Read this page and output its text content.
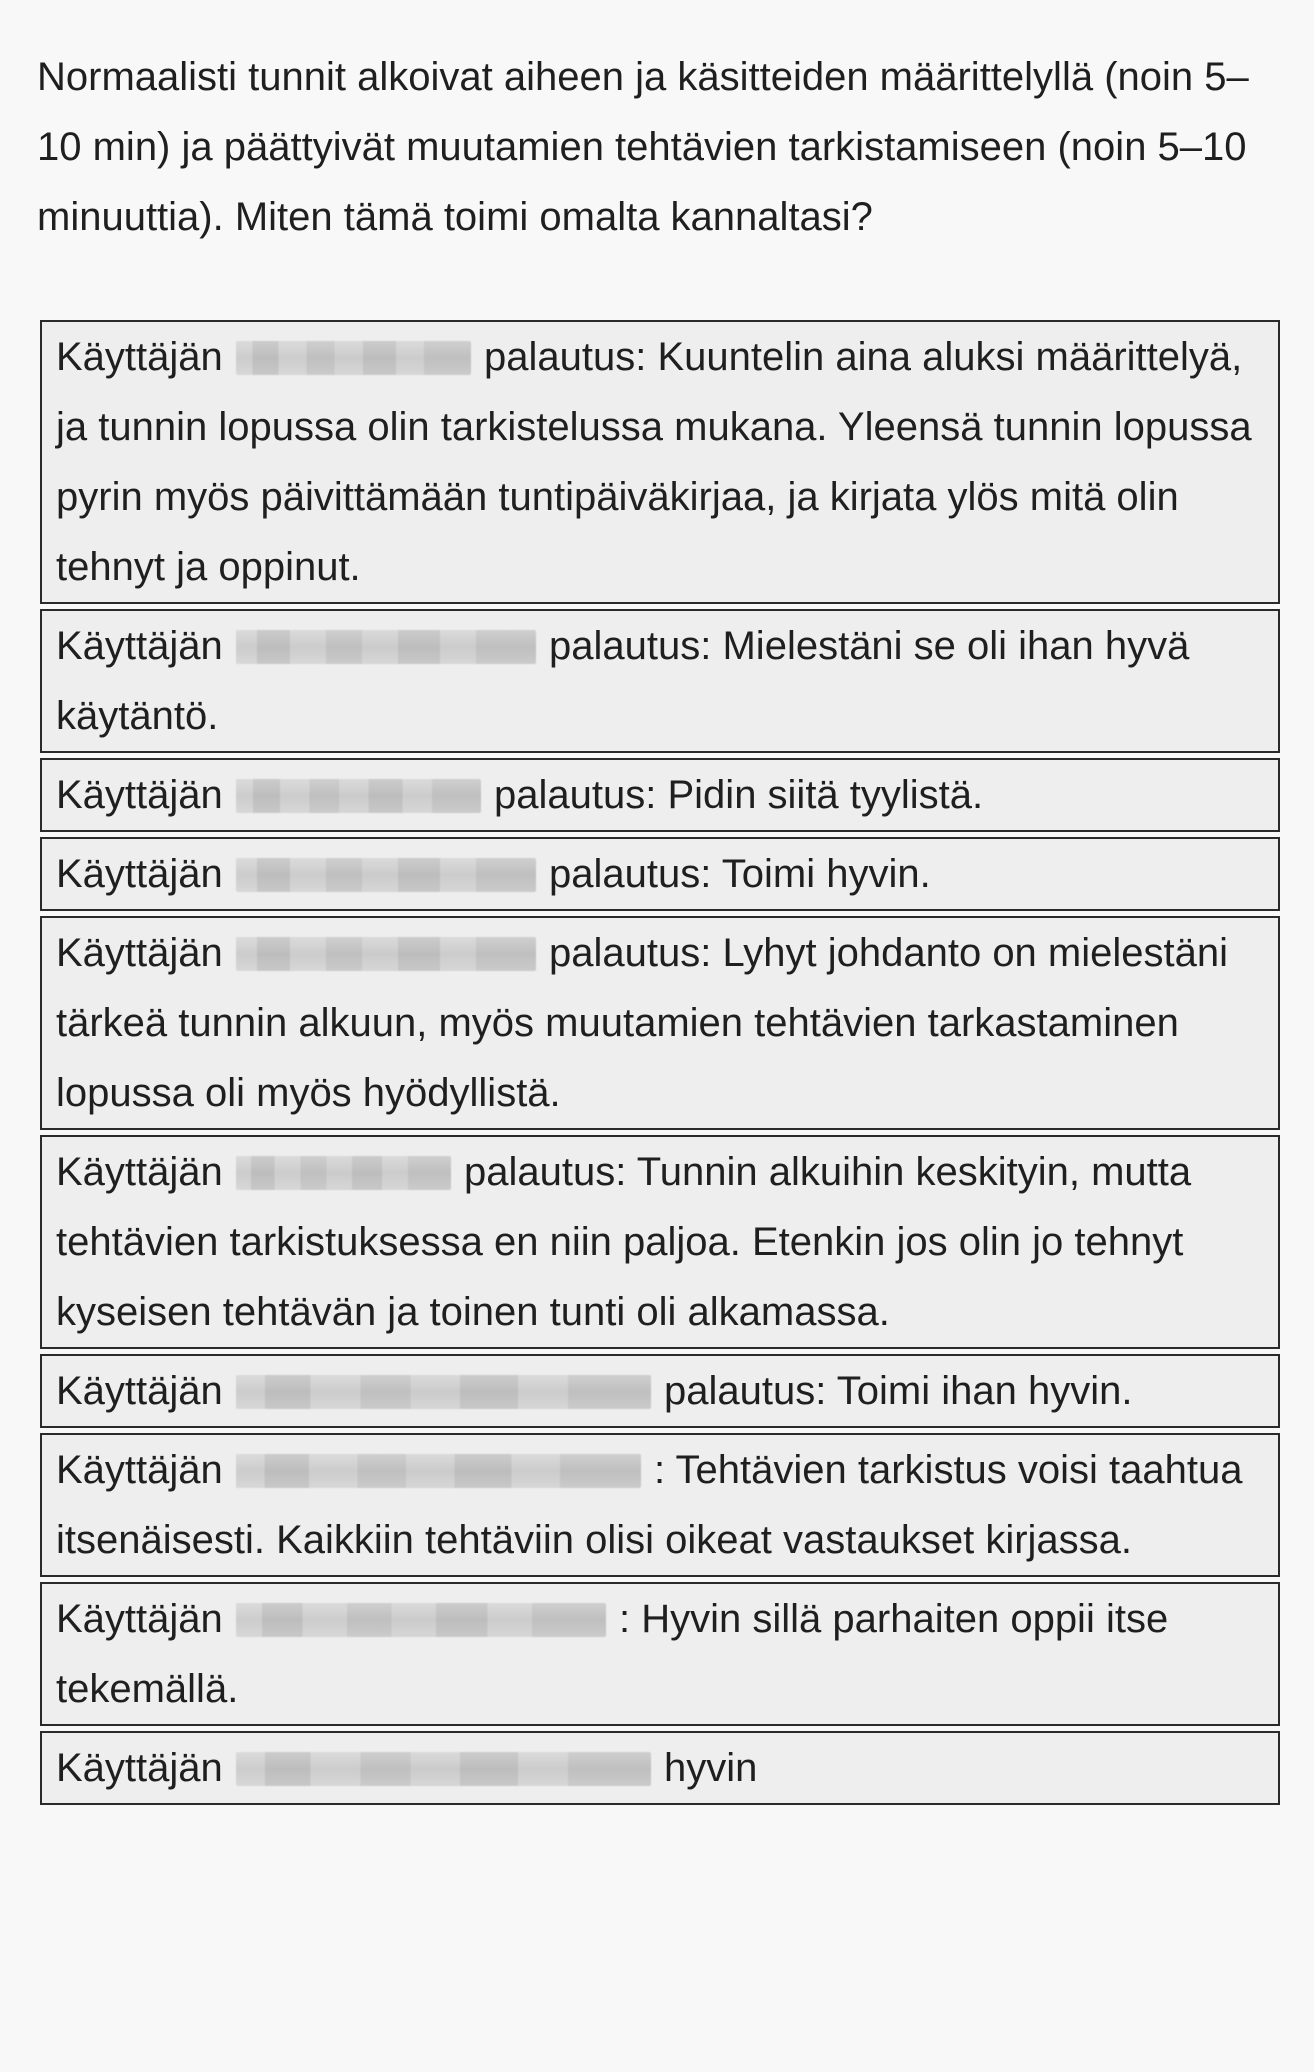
Normaalisti tunnit alkoivat aiheen ja käsitteiden määrittelyllä (noin 5–10 min) ja päättyivät muutamien tehtävien tarkistamiseen (noin 5–10 minuuttia). Miten tämä toimi omalta kannaltasi?

Käyttäjän	palautus: Kuuntelin aina aluksi määrittelyä, ja tunnin lopussa olin tarkistelussa mukana. Yleensä tunnin lopussa pyrin myös päivittämään tuntipäiväkirjaa, ja kirjata ylös mitä olin tehnyt ja oppinut.
Käyttäjän	palautus: Mielestäni se oli ihan hyvä käytäntö.
Käyttäjän	palautus: Pidin siitä tyylistä.
Käyttäjän	palautus: Toimi hyvin.
Käyttäjän	palautus: Lyhyt johdanto on mielestäni tärkeä tunnin alkuun, myös muutamien tehtävien tarkastaminen lopussa oli myös hyödyllistä.
Käyttäjän	palautus: Tunnin alkuihin keskityin, mutta tehtävien tarkistuksessa en niin paljoa. Etenkin jos olin jo tehnyt kyseisen tehtävän ja toinen tunti oli alkamassa.
Käyttäjän	palautus: Toimi ihan hyvin.
Käyttäjän	: Tehtävien tarkistus voisi taahtua itsenäisesti. Kaikkiin tehtäviin olisi oikeat vastaukset kirjassa.
Käyttäjän	: Hyvin sillä parhaiten oppii itse tekemällä.
Käyttäjän	hyvin
